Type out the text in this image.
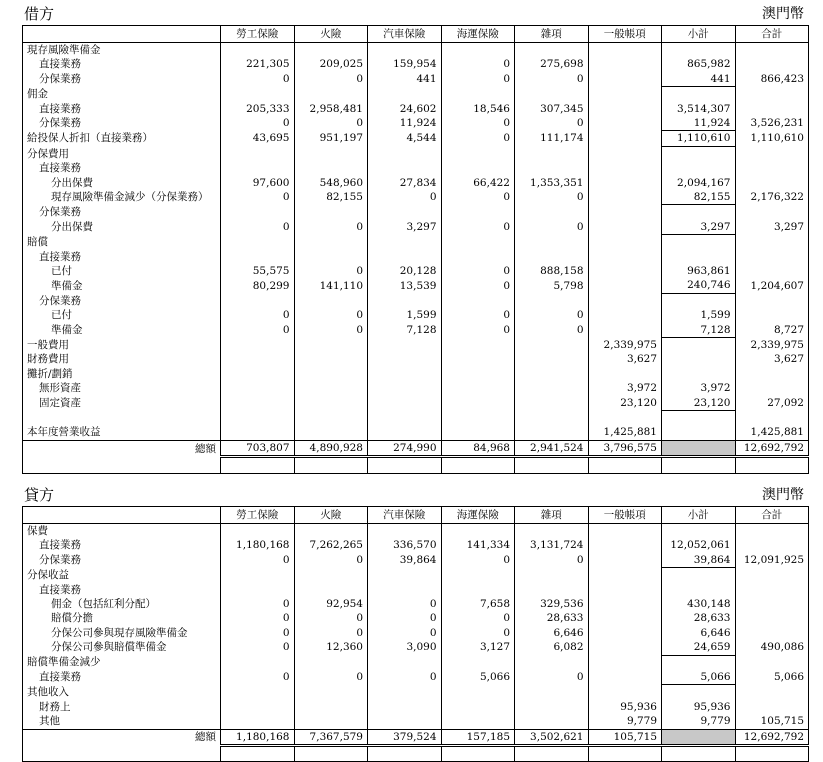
借方	澳門幣
	勞工保險	火險	汽車保險	海運保險	雜項	一般帳項	小計	合計
現存風險準備金								
直接業務	221,305	209,025	159,954	0	275,698		865,982	
分保業務	0	0	441	0	0		441	866,423
佣金								
直接業務	205,333	2,958,481	24,602	18,546	307,345		3,514,307	
分保業務	0	0	11,924	0	0		11,924	3,526,231
給投保人折扣（直接業務）	43,695	951,197	4,544	0	111,174		1,110,610	1,110,610
分保費用								
直接業務								
分出保費	97,600	548,960	27,834	66,422	1,353,351		2,094,167	
現存風險準備金減少（分保業務）	0	82,155	0	0	0		82,155	2,176,322
分保業務								
分出保費	0	0	3,297	0	0		3,297	3,297
賠償								
直接業務								
已付	55,575	0	20,128	0	888,158		963,861	
準備金	80,299	141,110	13,539	0	5,798		240,746	1,204,607
分保業務								
已付	0	0	1,599	0	0		1,599	
準備金	0	0	7,128	0	0		7,128	8,727
一般費用						2,339,975		2,339,975
財務費用						3,627		3,627
攤折/劃銷								
無形資產						3,972	3,972	
固定資產						23,120	23,120	27,092

本年度營業收益						1,425,881		1,425,881
總額	703,807	4,890,928	274,990	84,968	2,941,524	3,796,575		12,692,792

貸方	澳門幣
	勞工保險	火險	汽車保險	海運保險	雜項	一般帳項	小計	合計
保費								
直接業務	1,180,168	7,262,265	336,570	141,334	3,131,724		12,052,061	
分保業務	0	0	39,864	0	0		39,864	12,091,925
分保收益								
直接業務								
佣金（包括紅利分配）	0	92,954	0	7,658	329,536		430,148	
賠償分擔	0	0	0	0	28,633		28,633	
分保公司參與現存風險準備金	0	0	0	0	6,646		6,646	
分保公司參與賠償準備金	0	12,360	3,090	3,127	6,082		24,659	490,086
賠償準備金減少								
直接業務	0	0	0	5,066	0		5,066	5,066
其他收入								
財務上						95,936	95,936	
其他						9,779	9,779	105,715
總額	1,180,168	7,367,579	379,524	157,185	3,502,621	105,715		12,692,792
